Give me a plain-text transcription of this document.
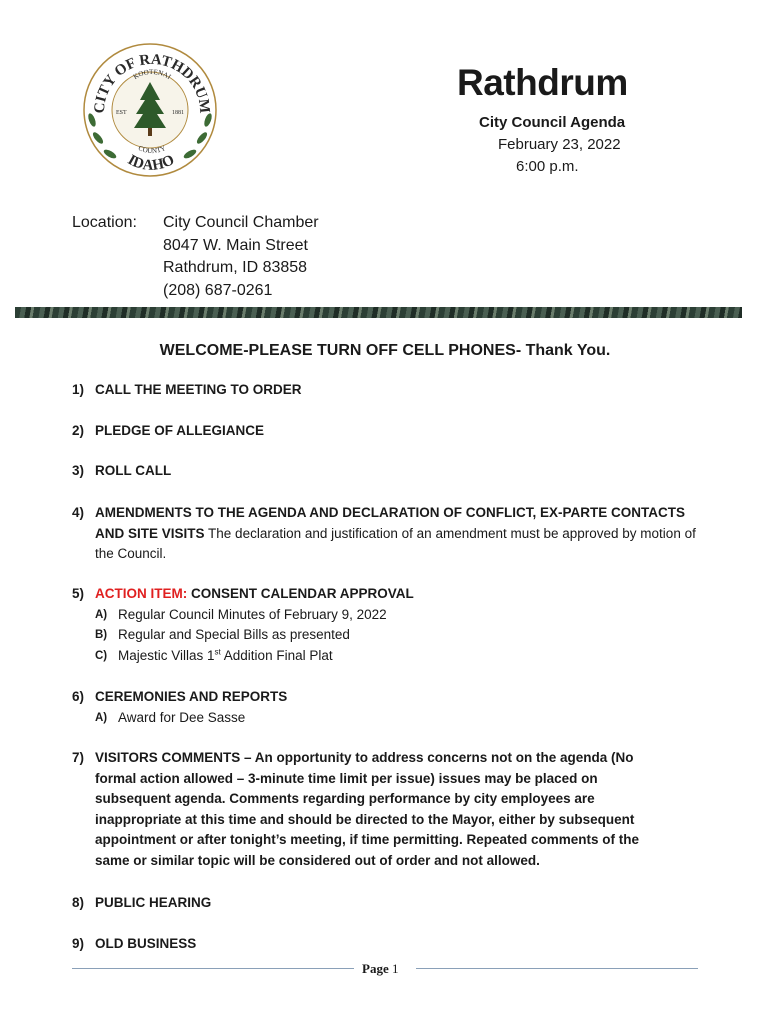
CITY OF RATHDRUM
KOOTENAI
COUNTY
IDAHO
EST	1881
Rathdrum
City Council Agenda
February 23, 2022
6:00 p.m.
Location: City Council Chamber
8047 W. Main Street
Rathdrum, ID 83858
(208) 687-0261
WELCOME-PLEASE TURN OFF CELL PHONES- Thank You.
1) CALL THE MEETING TO ORDER
2) PLEDGE OF ALLEGIANCE
3) ROLL CALL
4) AMENDMENTS TO THE AGENDA AND DECLARATION OF CONFLICT, EX-PARTE CONTACTS AND SITE VISITS The declaration and justification of an amendment must be approved by motion of the Council.
5) ACTION ITEM: CONSENT CALENDAR APPROVAL
A) Regular Council Minutes of February 9, 2022
B) Regular and Special Bills as presented
C) Majestic Villas 1st Addition Final Plat
6) CEREMONIES AND REPORTS
A) Award for Dee Sasse
7) VISITORS COMMENTS – An opportunity to address concerns not on the agenda (No formal action allowed – 3-minute time limit per issue) issues may be placed on subsequent agenda. Comments regarding performance by city employees are inappropriate at this time and should be directed to the Mayor, either by subsequent appointment or after tonight’s meeting, if time permitting. Repeated comments of the same or similar topic will be considered out of order and not allowed.
8) PUBLIC HEARING
9) OLD BUSINESS
Page 1
